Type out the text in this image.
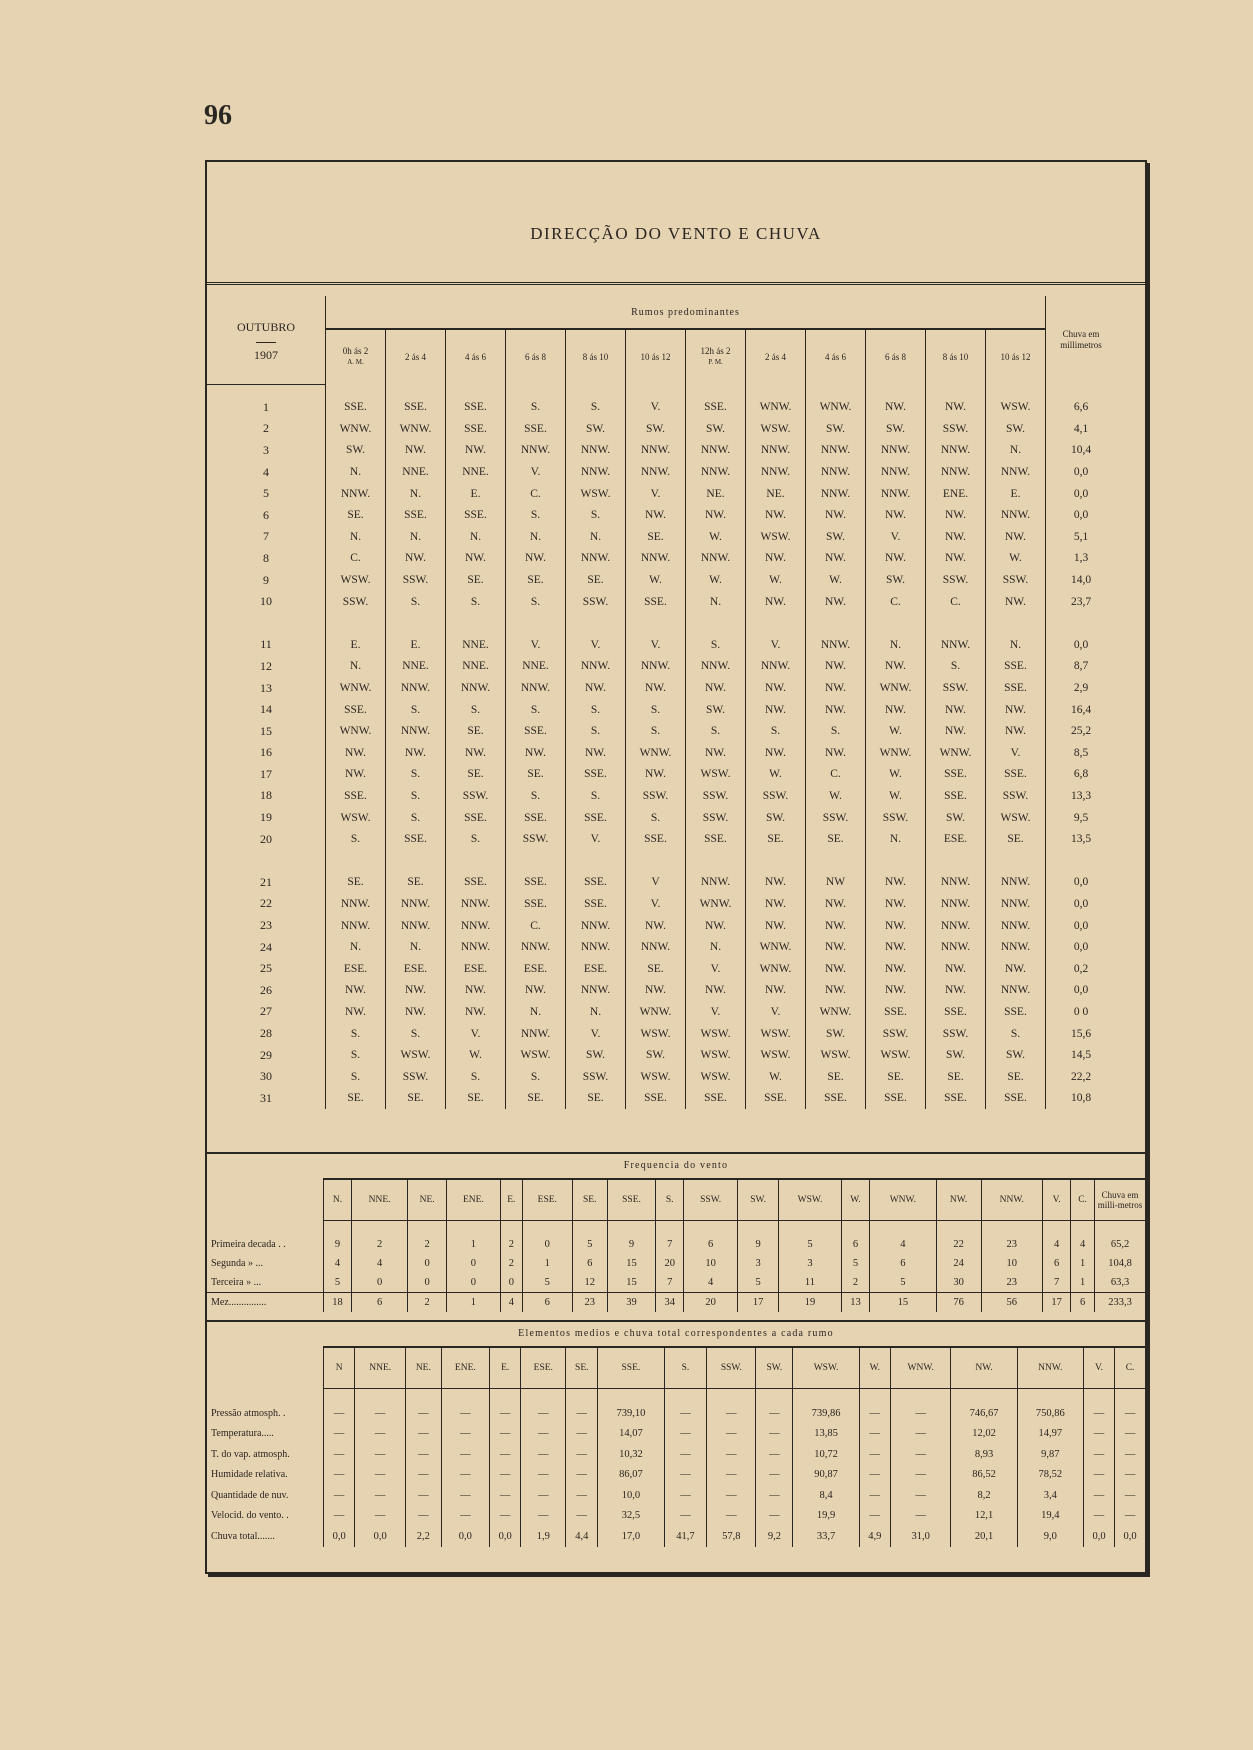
96
DIRECÇÃO DO VENTO E CHUVA
OUTUBRO
1907	Rumos predominantes												Chuva em millimetros
	0h ás 2
A. M.	2 ás 4	4 ás 6	6 ás 8	8 ás 10	10 ás 12	12h ás 2
P. M.	2 ás 4	4 ás 6	6 ás 8	8 ás 10	10 ás 12	

1	SSE.	SSE.	SSE.	S.	S.	V.	SSE.	WNW.	WNW.	NW.	NW.	WSW.	6,6
2	WNW.	WNW.	SSE.	SSE.	SW.	SW.	SW.	WSW.	SW.	SW.	SSW.	SW.	4,1
3	SW.	NW.	NW.	NNW.	NNW.	NNW.	NNW.	NNW.	NNW.	NNW.	NNW.	N.	10,4
4	N.	NNE.	NNE.	V.	NNW.	NNW.	NNW.	NNW.	NNW.	NNW.	NNW.	NNW.	0,0
5	NNW.	N.	E.	C.	WSW.	V.	NE.	NE.	NNW.	NNW.	ENE.	E.	0,0
6	SE.	SSE.	SSE.	S.	S.	NW.	NW.	NW.	NW.	NW.	NW.	NNW.	0,0
7	N.	N.	N.	N.	N.	SE.	W.	WSW.	SW.	V.	NW.	NW.	5,1
8	C.	NW.	NW.	NW.	NNW.	NNW.	NNW.	NW.	NW.	NW.	NW.	W.	1,3
9	WSW.	SSW.	SE.	SE.	SE.	W.	W.	W.	W.	SW.	SSW.	SSW.	14,0
10	SSW.	S.	S.	S.	SSW.	SSE.	N.	NW.	NW.	C.	C.	NW.	23,7

11	E.	E.	NNE.	V.	V.	V.	S.	V.	NNW.	N.	NNW.	N.	0,0
12	N.	NNE.	NNE.	NNE.	NNW.	NNW.	NNW.	NNW.	NW.	NW.	S.	SSE.	8,7
13	WNW.	NNW.	NNW.	NNW.	NW.	NW.	NW.	NW.	NW.	WNW.	SSW.	SSE.	2,9
14	SSE.	S.	S.	S.	S.	S.	SW.	NW.	NW.	NW.	NW.	NW.	16,4
15	WNW.	NNW.	SE.	SSE.	S.	S.	S.	S.	S.	W.	NW.	NW.	25,2
16	NW.	NW.	NW.	NW.	NW.	WNW.	NW.	NW.	NW.	WNW.	WNW.	V.	8,5
17	NW.	S.	SE.	SE.	SSE.	NW.	WSW.	W.	C.	W.	SSE.	SSE.	6,8
18	SSE.	S.	SSW.	S.	S.	SSW.	SSW.	SSW.	W.	W.	SSE.	SSW.	13,3
19	WSW.	S.	SSE.	SSE.	SSE.	S.	SSW.	SW.	SSW.	SSW.	SW.	WSW.	9,5
20	S.	SSE.	S.	SSW.	V.	SSE.	SSE.	SE.	SE.	N.	ESE.	SE.	13,5

21	SE.	SE.	SSE.	SSE.	SSE.	V	NNW.	NW.	NW	NW.	NNW.	NNW.	0,0
22	NNW.	NNW.	NNW.	SSE.	SSE.	V.	WNW.	NW.	NW.	NW.	NNW.	NNW.	0,0
23	NNW.	NNW.	NNW.	C.	NNW.	NW.	NW.	NW.	NW.	NW.	NNW.	NNW.	0,0
24	N.	N.	NNW.	NNW.	NNW.	NNW.	N.	WNW.	NW.	NW.	NNW.	NNW.	0,0
25	ESE.	ESE.	ESE.	ESE.	ESE.	SE.	V.	WNW.	NW.	NW.	NW.	NW.	0,2
26	NW.	NW.	NW.	NW.	NNW.	NW.	NW.	NW.	NW.	NW.	NW.	NNW.	0,0
27	NW.	NW.	NW.	N.	N.	WNW.	V.	V.	WNW.	SSE.	SSE.	SSE.	0 0
28	S.	S.	V.	NNW.	V.	WSW.	WSW.	WSW.	SW.	SSW.	SSW.	S.	15,6
29	S.	WSW.	W.	WSW.	SW.	SW.	WSW.	WSW.	WSW.	WSW.	SW.	SW.	14,5
30	S.	SSW.	S.	S.	SSW.	WSW.	WSW.	W.	SE.	SE.	SE.	SE.	22,2
31	SE.	SE.	SE.	SE.	SE.	SSE.	SSE.	SSE.	SSE.	SSE.	SSE.	SSE.	10,8
Frequencia do vento
	N.	NNE.	NE.	ENE.	E.	ESE.	SE.	SSE.	S.	SSW.	SW.	WSW.	W.	WNW.	NW.	NNW.	V.	C.	Chuva em milli-metros

Primeira decada . .	9	2	2	1	2	0	5	9	7	6	9	5	6	4	22	23	4	4	65,2
Segunda » ...	4	4	0	0	2	1	6	15	20	10	3	3	5	6	24	10	6	1	104,8
Terceira » ...	5	0	0	0	0	5	12	15	7	4	5	11	2	5	30	23	7	1	63,3
Mez...............	18	6	2	1	4	6	23	39	34	20	17	19	13	15	76	56	17	6	233,3
Elementos medios e chuva total correspondentes a cada rumo
	N	NNE.	NE.	ENE.	E.	ESE.	SE.	SSE.	S.	SSW.	SW.	WSW.	W.	WNW.	NW.	NNW.	V.	C.

Pressão atmosph. .	—	—	—	—	—	—	—	739,10	—	—	—	739,86	—	—	746,67	750,86	—	—
Temperatura.....	—	—	—	—	—	—	—	14,07	—	—	—	13,85	—	—	12,02	14,97	—	—
T. do vap. atmosph.	—	—	—	—	—	—	—	10,32	—	—	—	10,72	—	—	8,93	9,87	—	—
Humidade relativa.	—	—	—	—	—	—	—	86,07	—	—	—	90,87	—	—	86,52	78,52	—	—
Quantidade de nuv.	—	—	—	—	—	—	—	10,0	—	—	—	8,4	—	—	8,2	3,4	—	—
Velocid. do vento. .	—	—	—	—	—	—	—	32,5	—	—	—	19,9	—	—	12,1	19,4	—	—
Chuva total.......	0,0	0,0	2,2	0,0	0,0	1,9	4,4	17,0	41,7	57,8	9,2	33,7	4,9	31,0	20,1	9,0	0,0	0,0
